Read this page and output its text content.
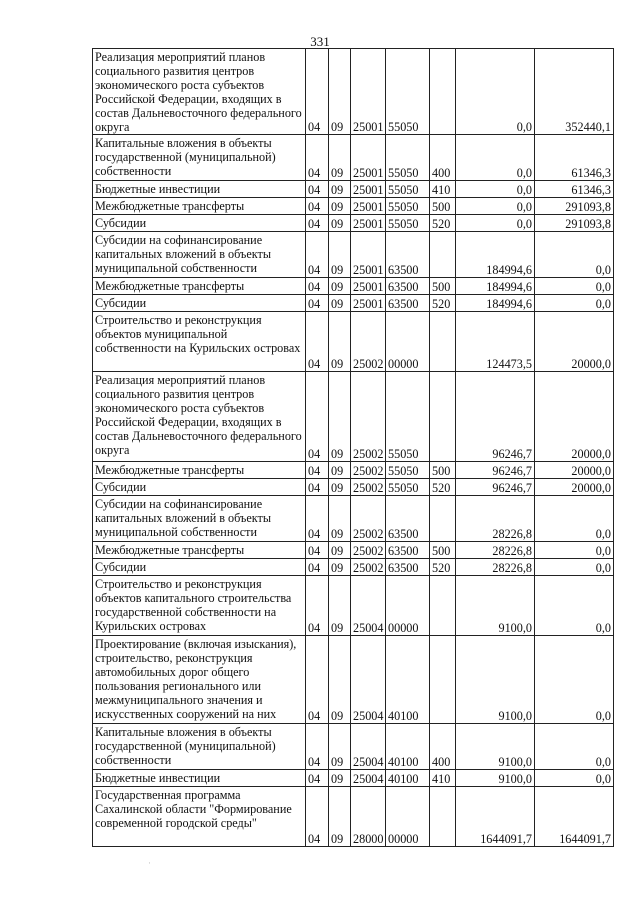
331
Реализация мероприятий планов социального развития центров экономического роста субъектов Российской Федерации, входящих в состав Дальневосточного федерального округа	04	09	25001	55050		0,0	352440,1
Капитальные вложения в объекты государственной (муниципальной) собственности	04	09	25001	55050	400	0,0	61346,3
Бюджетные инвестиции	04	09	25001	55050	410	0,0	61346,3
Межбюджетные трансферты	04	09	25001	55050	500	0,0	291093,8
Субсидии	04	09	25001	55050	520	0,0	291093,8
Субсидии на софинансирование капитальных вложений в объекты муниципальной собственности	04	09	25001	63500		184994,6	0,0
Межбюджетные трансферты	04	09	25001	63500	500	184994,6	0,0
Субсидии	04	09	25001	63500	520	184994,6	0,0
Строительство и реконструкция объектов муниципальной собственности на Курильских островах	04	09	25002	00000		124473,5	20000,0
Реализация мероприятий планов социального развития центров экономического роста субъектов Российской Федерации, входящих в состав Дальневосточного федерального округа	04	09	25002	55050		96246,7	20000,0
Межбюджетные трансферты	04	09	25002	55050	500	96246,7	20000,0
Субсидии	04	09	25002	55050	520	96246,7	20000,0
Субсидии на софинансирование капитальных вложений в объекты муниципальной собственности	04	09	25002	63500		28226,8	0,0
Межбюджетные трансферты	04	09	25002	63500	500	28226,8	0,0
Субсидии	04	09	25002	63500	520	28226,8	0,0
Строительство и реконструкция объектов капитального строительства государственной собственности на Курильских островах	04	09	25004	00000		9100,0	0,0
Проектирование (включая изыскания), строительство, реконструкция автомобильных дорог общего пользования регионального или межмуниципального значения и искусственных сооружений на них	04	09	25004	40100		9100,0	0,0
Капитальные вложения в объекты государственной (муниципальной) собственности	04	09	25004	40100	400	9100,0	0,0
Бюджетные инвестиции	04	09	25004	40100	410	9100,0	0,0
Государственная программа Сахалинской области "Формирование современной городской среды"	04	09	28000	00000		1644091,7	1644091,7
·
